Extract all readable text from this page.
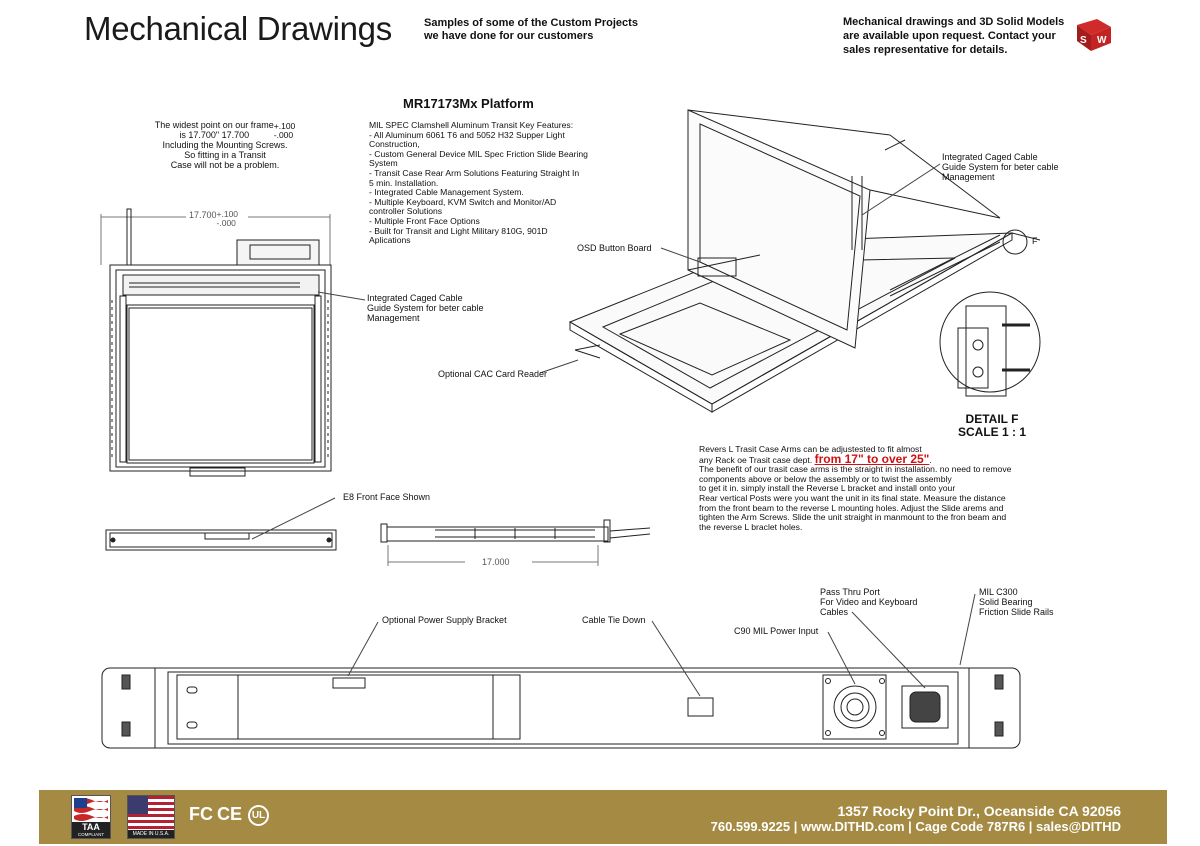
F
Mechanical Drawings	Samples of some of the Custom Projects
we have done for our customers
Mechanical drawings and 3D Solid Models
are available upon request. Contact your
sales representative for details.
S W
MR17173Mx Platform
MIL SPEC Clamshell Aluminum Transit Key Features:
- All Aluminum 6061 T6 and 5052 H32 Supper Light
Construction,
- Custom General Device MIL Spec Friction Slide Bearing
System
- Transit Case Rear Arm Solutions Featuring Straight In
5 min. Installation.
- Integrated Cable Management System.
- Multiple Keyboard, KVM Switch and Monitor/AD
controller Solutions
- Multiple Front Face Options
- Built for Transit and Light Military 810G, 901D
Aplications
The widest point on our frame
is 17.700" 17.700+.100
-.000
Including the Mounting Screws.
So fitting in a Transit
Case will not be a problem.
17.700+.100
-.000
Integrated Caged Cable
Guide System for beter cable
Management
Integrated Caged Cable
Guide System for beter cable
Management
OSD Button Board
Optional CAC Card Reader
DETAIL F
SCALE 1 : 1
E8 Front Face Shown
17.000
Revers L Trasit Case Arms can be adjustested to fit almost
any Rack oe Trasit case dept. from 17" to over 25".
The benefit of our trasit case arms is the straight in installation. no need to remove
components above or below the assembly or to twist the assembly
to get it in. simply install the Reverse L bracket and install onto your
Rear vertical Posts were you want the unit in its final state. Measure the distance
from the front beam to the reverse L mounting holes. Adjust the Slide arems and
tighten the Arm Screws. Slide the unit straight in manmount to the fron beam and
the reverse L braclet holes.
Optional Power Supply Bracket	Cable Tie Down
Pass Thru Port
For Video and Keyboard
Cables
C90 MIL Power Input
MIL C300
Solid Bearing
Friction Slide Rails
TAA
COMPLIANT	MADE IN U.S.A.
FC CE UL	1357 Rocky Point Dr., Oceanside CA 92056
760.599.9225 | www.DITHD.com | Cage Code 787R6 | sales@DITHD
